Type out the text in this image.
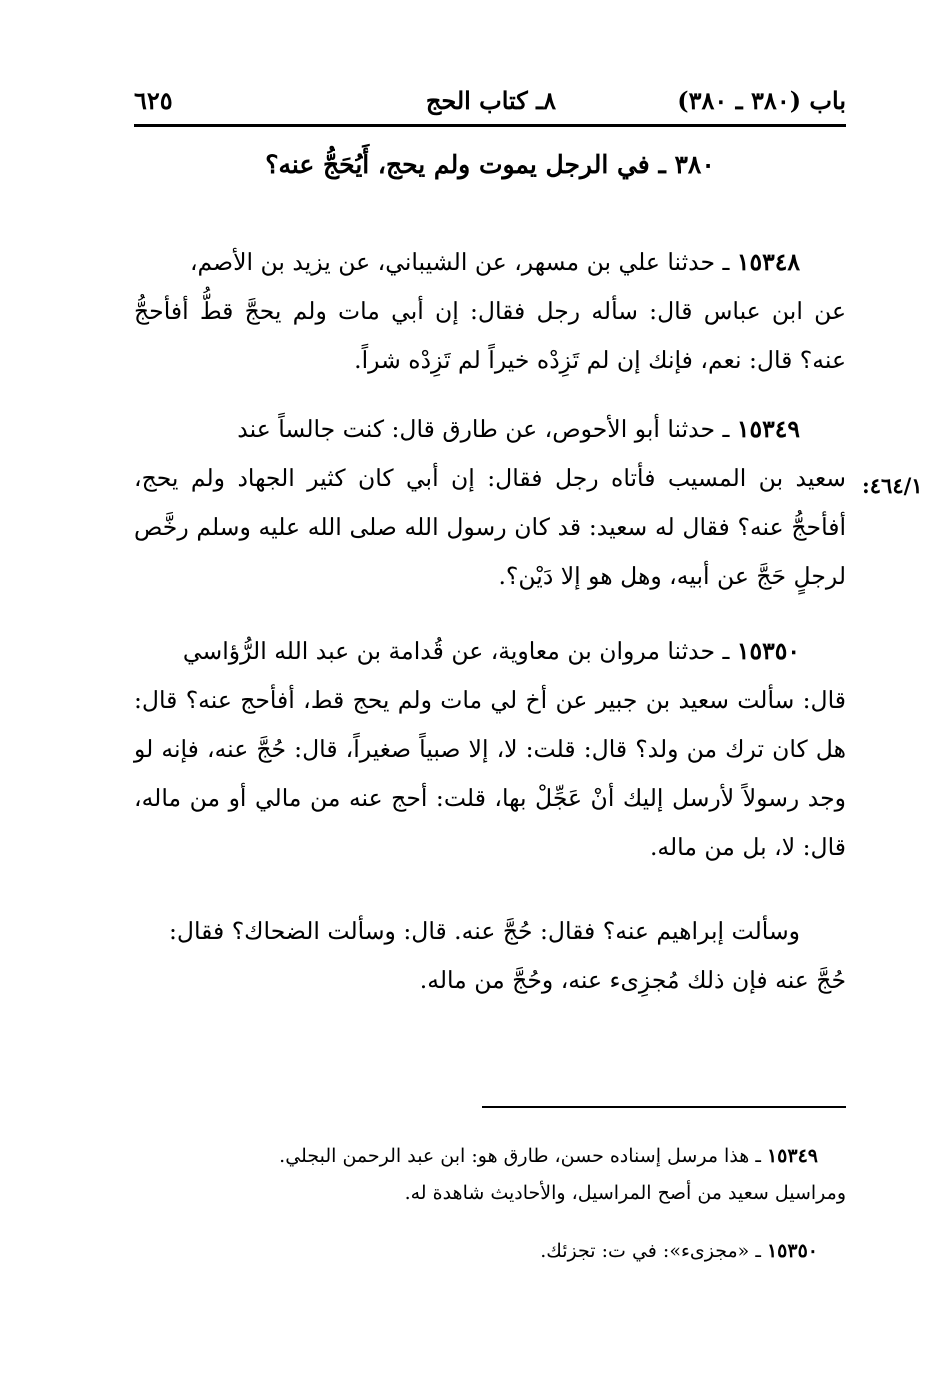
باب (٣٨٠ ـ ٣٨٠)
٨ـ كتاب الحج
٦٢٥
٣٨٠ ـ في الرجل يموت ولم يحج، أَيُحَجُّ عنه؟
١٥٣٤٨ ـ حدثنا علي بن مسهر، عن الشيباني، عن يزيد بن الأصم،
عن ابن عباس قال: سأله رجل فقال: إن أبي مات ولم يحجَّ قطُّ أفأحجُّ عنه؟ قال: نعم، فإنك إن لم تَزِدْه خيراً لم تَزِدْه شراً.
١٥٣٤٩ ـ حدثنا أبو الأحوص، عن طارق قال: كنت جالساً عند
سعيد بن المسيب فأتاه رجل فقال: إن أبي كان كثير الجهاد ولم يحج، أفأحجُّ عنه؟ فقال له سعيد: قد كان رسول الله صلى الله عليه وسلم رخَّص لرجلٍ حَجَّ عن أبيه، وهل هو إلا دَيْن؟.
١٥٣٥٠ ـ حدثنا مروان بن معاوية، عن قُدامة بن عبد الله الرُّؤاسي
قال: سألت سعيد بن جبير عن أخ لي مات ولم يحج قط، أفأحج عنه؟ قال: هل كان ترك من ولد؟ قال: قلت: لا، إلا صبياً صغيراً، قال: حُجَّ عنه، فإنه لو وجد رسولاً لأرسل إليك أنْ عَجِّلْ بها، قلت: أحج عنه من مالي أو من ماله، قال: لا، بل من ماله.
وسألت إبراهيم عنه؟ فقال: حُجَّ عنه. قال: وسألت الضحاك؟ فقال:
حُجَّ عنه فإن ذلك مُجزِىء عنه، وحُجَّ من ماله.
١٥٣٤٩ ـ هذا مرسل إسناده حسن، طارق هو: ابن عبد الرحمن البجلي.
ومراسيل سعيد من أصح المراسيل، والأحاديث شاهدة له.
١٥٣٥٠ ـ «مجزىء»: في ت: تجزئك.
٤٦٤/١:
